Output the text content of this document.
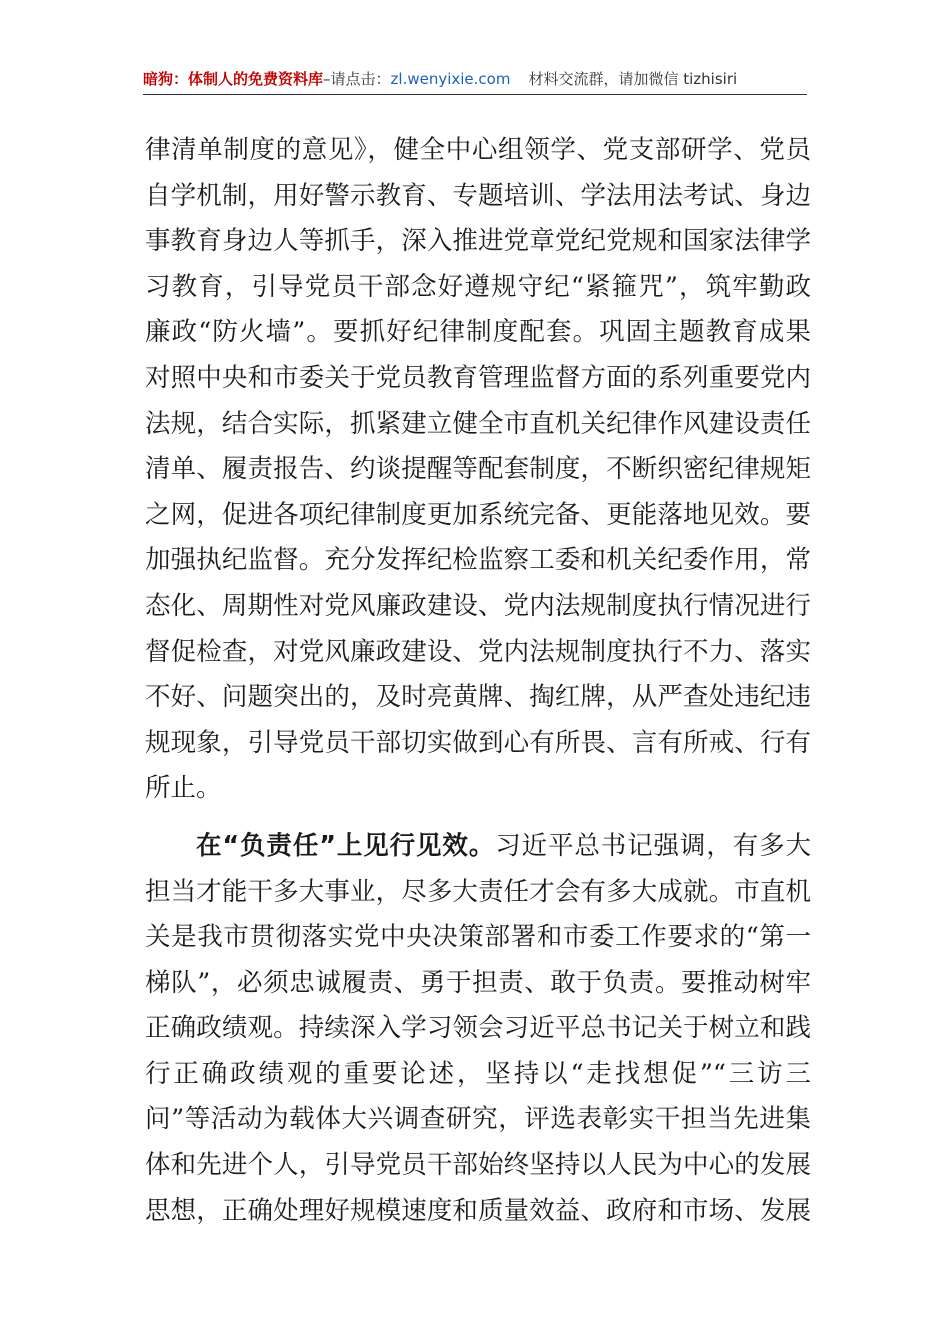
暗狗：体制人的免费资料库–请点击：zl.wenyixie.com 材料交流群，请加微信 tizhisiri
律清单制度的意见》，健全中心组领学、党支部研学、党员
自学机制，用好警示教育、专题培训、学法用法考试、身边
事教育身边人等抓手，深入推进党章党纪党规和国家法律学
习教育，引导党员干部念好遵规守纪“紧箍咒”，筑牢勤政
廉政“防火墙”。要抓好纪律制度配套。巩固主题教育成果
对照中央和市委关于党员教育管理监督方面的系列重要党内
法规，结合实际，抓紧建立健全市直机关纪律作风建设责任
清单、履责报告、约谈提醒等配套制度，不断织密纪律规矩
之网，促进各项纪律制度更加系统完备、更能落地见效。要
加强执纪监督。充分发挥纪检监察工委和机关纪委作用，常
态化、周期性对党风廉政建设、党内法规制度执行情况进行
督促检查，对党风廉政建设、党内法规制度执行不力、落实
不好、问题突出的，及时亮黄牌、掏红牌，从严查处违纪违
规现象，引导党员干部切实做到心有所畏、言有所戒、行有
所止。
在“负责任”上见行见效。习近平总书记强调，有多大
担当才能干多大事业，尽多大责任才会有多大成就。市直机
关是我市贯彻落实党中央决策部署和市委工作要求的“第一
梯队”，必须忠诚履责、勇于担责、敢于负责。要推动树牢
正确政绩观。持续深入学习领会习近平总书记关于树立和践
行正确政绩观的重要论述，坚持以“走找想促”“三访三
问”等活动为载体大兴调查研究，评选表彰实干担当先进集
体和先进个人，引导党员干部始终坚持以人民为中心的发展
思想，正确处理好规模速度和质量效益、政府和市场、发展
